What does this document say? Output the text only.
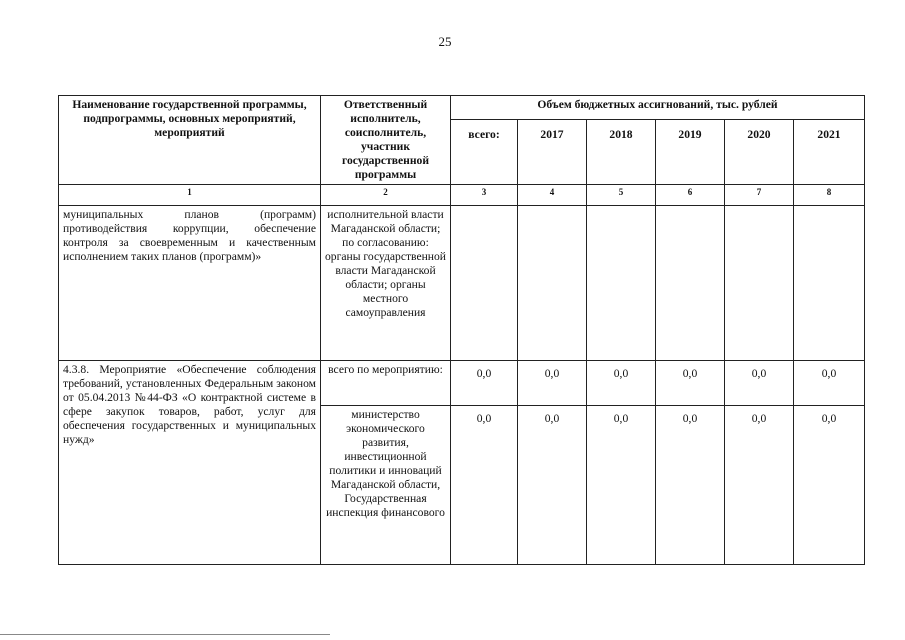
25
Наименование государственной программы, подпрограммы, основных мероприятий, мероприятий	Ответственный исполнитель, соисполнитель, участник государственной программы	Объем бюджетных ассигнований, тыс. рублей					
		всего:	2017	2018	2019	2020	2021
1	2	3	4	5	6	7	8
муниципальных планов (программ) противодействия коррупции, обеспечение контроля за своевременным и качественным исполнением таких планов (программ)»	исполнительной власти Магаданской области; по согласованию: органы государственной власти Магаданской области; органы местного самоуправления						
4.3.8. Мероприятие «Обеспечение соблюдения требований, установленных Федеральным законом от 05.04.2013 №44-ФЗ «О контрактной системе в сфере закупок товаров, работ, услуг для обеспечения государственных и муниципальных нужд»	всего по мероприятию:	0,0	0,0	0,0	0,0	0,0	0,0
	министерство экономического развития, инвестиционной политики и инноваций Магаданской области, Государственная инспекция финансового	0,0	0,0	0,0	0,0	0,0	0,0
